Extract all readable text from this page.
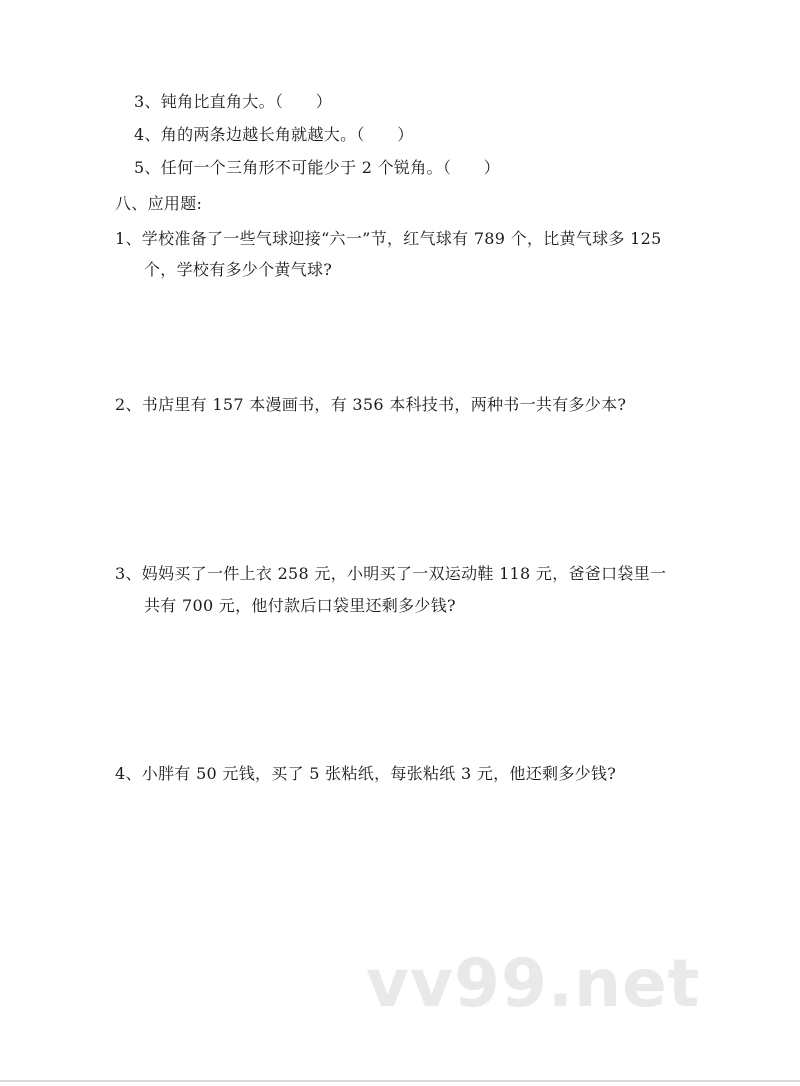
3、钝角比直角大。（　　）
4、角的两条边越长角就越大。（　　）
5、任何一个三角形不可能少于 2 个锐角。（　　）
八、应用题:
1、学校准备了一些气球迎接“六一”节，红气球有 789 个，比黄气球多 125
个，学校有多少个黄气球?
2、书店里有 157 本漫画书，有 356 本科技书，两种书一共有多少本?
3、妈妈买了一件上衣 258 元，小明买了一双运动鞋 118 元，爸爸口袋里一
共有 700 元，他付款后口袋里还剩多少钱?
4、小胖有 50 元钱，买了 5 张粘纸，每张粘纸 3 元，他还剩多少钱?
vv99.net
